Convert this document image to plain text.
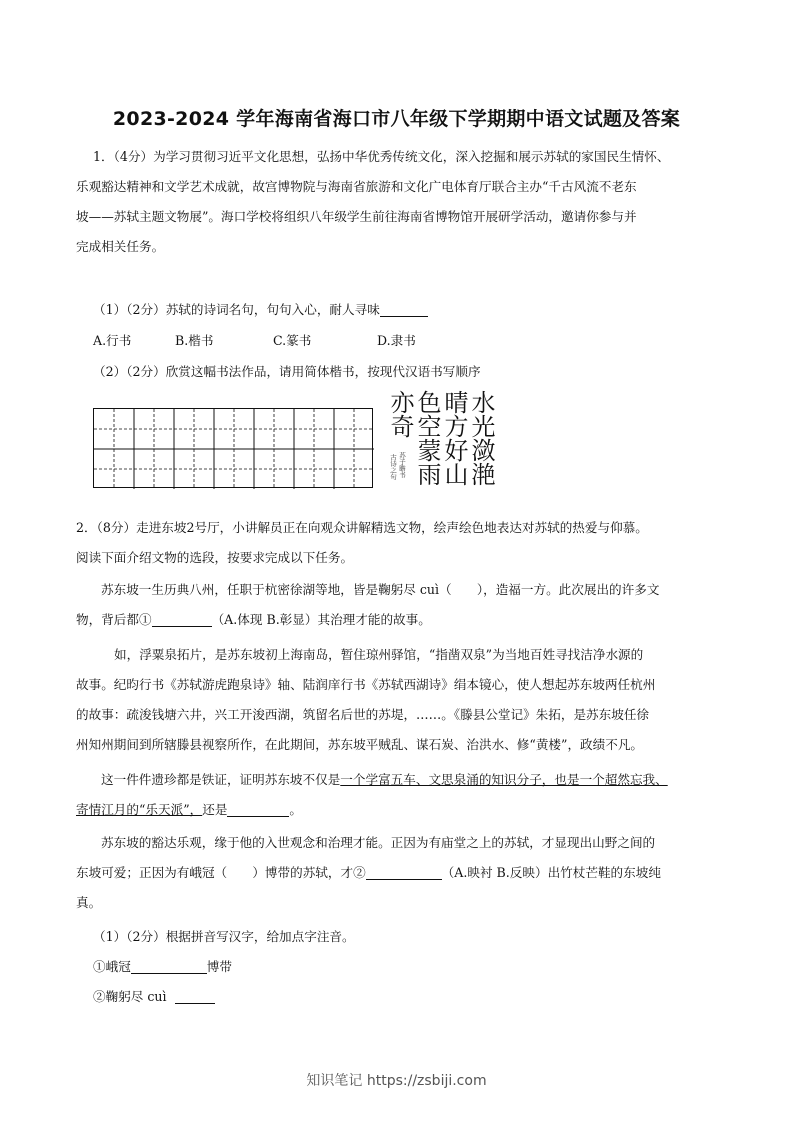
2023-2024 学年海南省海口市八年级下学期期中语文试题及答案
1．（4分）为学习贯彻习近平文化思想，弘扬中华优秀传统文化，深入挖掘和展示苏轼的家国民生情怀、
乐观豁达精神和文学艺术成就，故宫博物院与海南省旅游和文化广电体育厅联合主办“千古风流不老东
坡——苏轼主题文物展”。海口学校将组织八年级学生前往海南省博物馆开展研学活动，邀请你参与并
完成相关任务。
（1）（2分）苏轼的诗词名句，句句入心，耐人寻味
A.行书	B.楷书	C.篆书	D.隶书
（2）（2分）欣赏这幅书法作品，请用简体楷书，按现代汉语书写顺序
水光潋滟
晴方好山
色空蒙雨
亦奇
苏子瞻书
古诗之句
2．（8分）走进东坡2号厅，小讲解员正在向观众讲解精选文物，绘声绘色地表达对苏轼的热爱与仰慕。
阅读下面介绍文物的选段，按要求完成以下任务。
苏东坡一生历典八州，任职于杭密徐湖等地，皆是鞠躬尽 cuì（　　），造福一方。此次展出的许多文
物，背后都①	（A.体现 B.彰显）其治理才能的故事。
如，浮粟泉拓片，是苏东坡初上海南岛，暂住琼州驿馆，“指凿双泉”为当地百姓寻找洁净水源的
故事。纪昀行书《苏轼游虎跑泉诗》轴、陆润庠行书《苏轼西湖诗》绢本镜心，使人想起苏东坡两任杭州
的故事：疏浚钱塘六井，兴工开浚西湖，筑留名后世的苏堤，……。《滕县公堂记》朱拓，是苏东坡任徐
州知州期间到所辖滕县视察所作，在此期间，苏东坡平贼乱、谋石炭、治洪水、修“黄楼”，政绩不凡。
这一件件遗珍都是铁证，证明苏东坡不仅是一个学富五车、文思泉涌的知识分子，也是一个超然忘我、
寄情江月的“乐天派”，还是	。
苏东坡的豁达乐观，缘于他的入世观念和治理才能。正因为有庙堂之上的苏轼，才显现出山野之间的
东坡可爱；正因为有峨冠（　　）博带的苏轼，才②	（A.映衬 B.反映）出竹杖芒鞋的东坡纯
真。
（1）（2分）根据拼音写汉字，给加点字注音。
①峨冠	博带
②鞠躬尽 cuì
知识笔记 https://zsbiji.com
